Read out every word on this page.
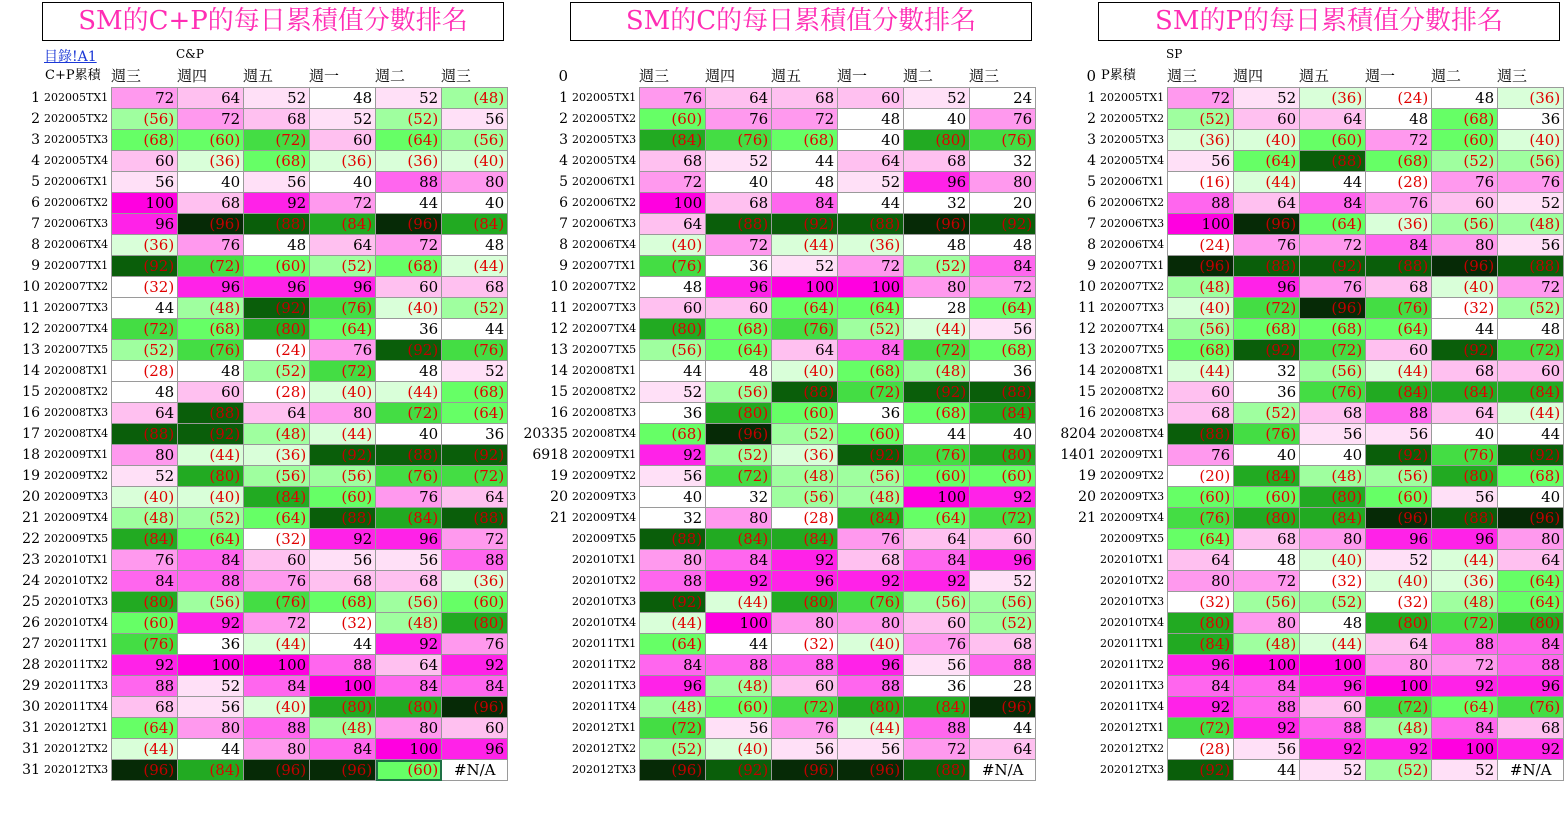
SM的C+P的每日累積值分數排名	SM的C的每日累積值分數排名	SM的P的每日累積值分數排名
目錄!A1	C&P	SP
C+P累積 週三	週四	週五	週一	週二	週三
1	202005TX1	72	64	52	48	52	(48)
2	202005TX2	(56)	72	68	52	(52)	56
3	202005TX3	(68)	(60)	(72)	60	(64)	(56)
4	202005TX4	60	(36)	(68)	(36)	(36)	(40)
5	202006TX1	56	40	56	40	88	80
6	202006TX2	100	68	92	72	44	40
7	202006TX3	96	(96)	(88)	(84)	(96)	(84)
8	202006TX4	(36)	76	48	64	72	48
9	202007TX1	(92)	(72)	(60)	(52)	(68)	(44)
10	202007TX2	(32)	96	96	96	60	68
11	202007TX3	44	(48)	(92)	(76)	(40)	(52)
12	202007TX4	(72)	(68)	(80)	(64)	36	44
13	202007TX5	(52)	(76)	(24)	76	(92)	(76)
14	202008TX1	(28)	48	(52)	(72)	48	52
15	202008TX2	48	60	(28)	(40)	(44)	(68)
16	202008TX3	64	(88)	64	80	(72)	(64)
17	202008TX4	(88)	(92)	(48)	(44)	40	36
18	202009TX1	80	(44)	(36)	(92)	(88)	(92)
19	202009TX2	52	(80)	(56)	(56)	(76)	(72)
20	202009TX3	(40)	(40)	(84)	(60)	76	64
21	202009TX4	(48)	(52)	(64)	(88)	(84)	(88)
22	202009TX5	(84)	(64)	(32)	92	96	72
23	202010TX1	76	84	60	56	56	88
24	202010TX2	84	88	76	68	68	(36)
25	202010TX3	(80)	(56)	(76)	(68)	(56)	(60)
26	202010TX4	(60)	92	72	(32)	(48)	(80)
27	202011TX1	(76)	36	(44)	44	92	76
28	202011TX2	92	100	100	88	64	92
29	202011TX3	88	52	84	100	84	84
30	202011TX4	68	56	(40)	(80)	(80)	(96)
31	202012TX1	(64)	80	88	(48)	80	60
31	202012TX2	(44)	44	80	84	100	96
31	202012TX3	(96)	(84)	(96)	(96)	(60)	#N/A
0	週三	週四	週五	週一	週二	週三
1	202005TX1	76	64	68	60	52	24
2	202005TX2	(60)	76	72	48	40	76
3	202005TX3	(84)	(76)	(68)	40	(80)	(76)
4	202005TX4	68	52	44	64	68	32
5	202006TX1	72	40	48	52	96	80
6	202006TX2	100	68	84	44	32	20
7	202006TX3	64	(88)	(92)	(88)	(96)	(92)
8	202006TX4	(40)	72	(44)	(36)	48	48
9	202007TX1	(76)	36	52	72	(52)	84
10	202007TX2	48	96	100	100	80	72
11	202007TX3	60	60	(64)	(64)	28	(64)
12	202007TX4	(80)	(68)	(76)	(52)	(44)	56
13	202007TX5	(56)	(64)	64	84	(72)	(68)
14	202008TX1	44	48	(40)	(68)	(48)	36
15	202008TX2	52	(56)	(88)	(72)	(92)	(88)
16	202008TX3	36	(80)	(60)	36	(68)	(84)
20335	202008TX4	(68)	(96)	(52)	(60)	44	40
6918	202009TX1	92	(52)	(36)	(92)	(76)	(80)
19	202009TX2	56	(72)	(48)	(56)	(60)	(60)
20	202009TX3	40	32	(56)	(48)	100	92
21	202009TX4	32	80	(28)	(84)	(64)	(72)
	202009TX5	(88)	(84)	(84)	76	64	60
	202010TX1	80	84	92	68	84	96
	202010TX2	88	92	96	92	92	52
	202010TX3	(92)	(44)	(80)	(76)	(56)	(56)
	202010TX4	(44)	100	80	80	60	(52)
	202011TX1	(64)	44	(32)	(40)	76	68
	202011TX2	84	88	88	96	56	88
	202011TX3	96	(48)	60	88	36	28
	202011TX4	(48)	(60)	(72)	(80)	(84)	(96)
	202012TX1	(72)	56	76	(44)	88	44
	202012TX2	(52)	(40)	56	56	72	64
	202012TX3	(96)	(92)	(96)	(96)	(88)	#N/A
0 P累積	週三	週四	週五	週一	週二	週三
1	202005TX1	72	52	(36)	(24)	48	(36)
2	202005TX2	(52)	60	64	48	(68)	36
3	202005TX3	(36)	(40)	(60)	72	(60)	(40)
4	202005TX4	56	(64)	(88)	(68)	(52)	(56)
5	202006TX1	(16)	(44)	44	(28)	76	76
6	202006TX2	88	64	84	76	60	52
7	202006TX3	100	(96)	(64)	(36)	(56)	(48)
8	202006TX4	(24)	76	72	84	80	56
9	202007TX1	(96)	(88)	(92)	(88)	(96)	(88)
10	202007TX2	(48)	96	76	68	(40)	72
11	202007TX3	(40)	(72)	(96)	(76)	(32)	(52)
12	202007TX4	(56)	(68)	(68)	(64)	44	48
13	202007TX5	(68)	(92)	(72)	60	(92)	(72)
14	202008TX1	(44)	32	(56)	(44)	68	60
15	202008TX2	60	36	(76)	(84)	(84)	(84)
16	202008TX3	68	(52)	68	88	64	(44)
8204	202008TX4	(88)	(76)	56	56	40	44
1401	202009TX1	76	40	40	(92)	(76)	(92)
19	202009TX2	(20)	(84)	(48)	(56)	(80)	(68)
20	202009TX3	(60)	(60)	(80)	(60)	56	40
21	202009TX4	(76)	(80)	(84)	(96)	(88)	(96)
	202009TX5	(64)	68	80	96	96	80
	202010TX1	64	48	(40)	52	(44)	64
	202010TX2	80	72	(32)	(40)	(36)	(64)
	202010TX3	(32)	(56)	(52)	(32)	(48)	(64)
	202010TX4	(80)	80	48	(80)	(72)	(80)
	202011TX1	(84)	(48)	(44)	64	88	84
	202011TX2	96	100	100	80	72	88
	202011TX3	84	84	96	100	92	96
	202011TX4	92	88	60	(72)	(64)	(76)
	202012TX1	(72)	92	88	(48)	84	68
	202012TX2	(28)	56	92	92	100	92
	202012TX3	(92)	44	52	(52)	52	#N/A
